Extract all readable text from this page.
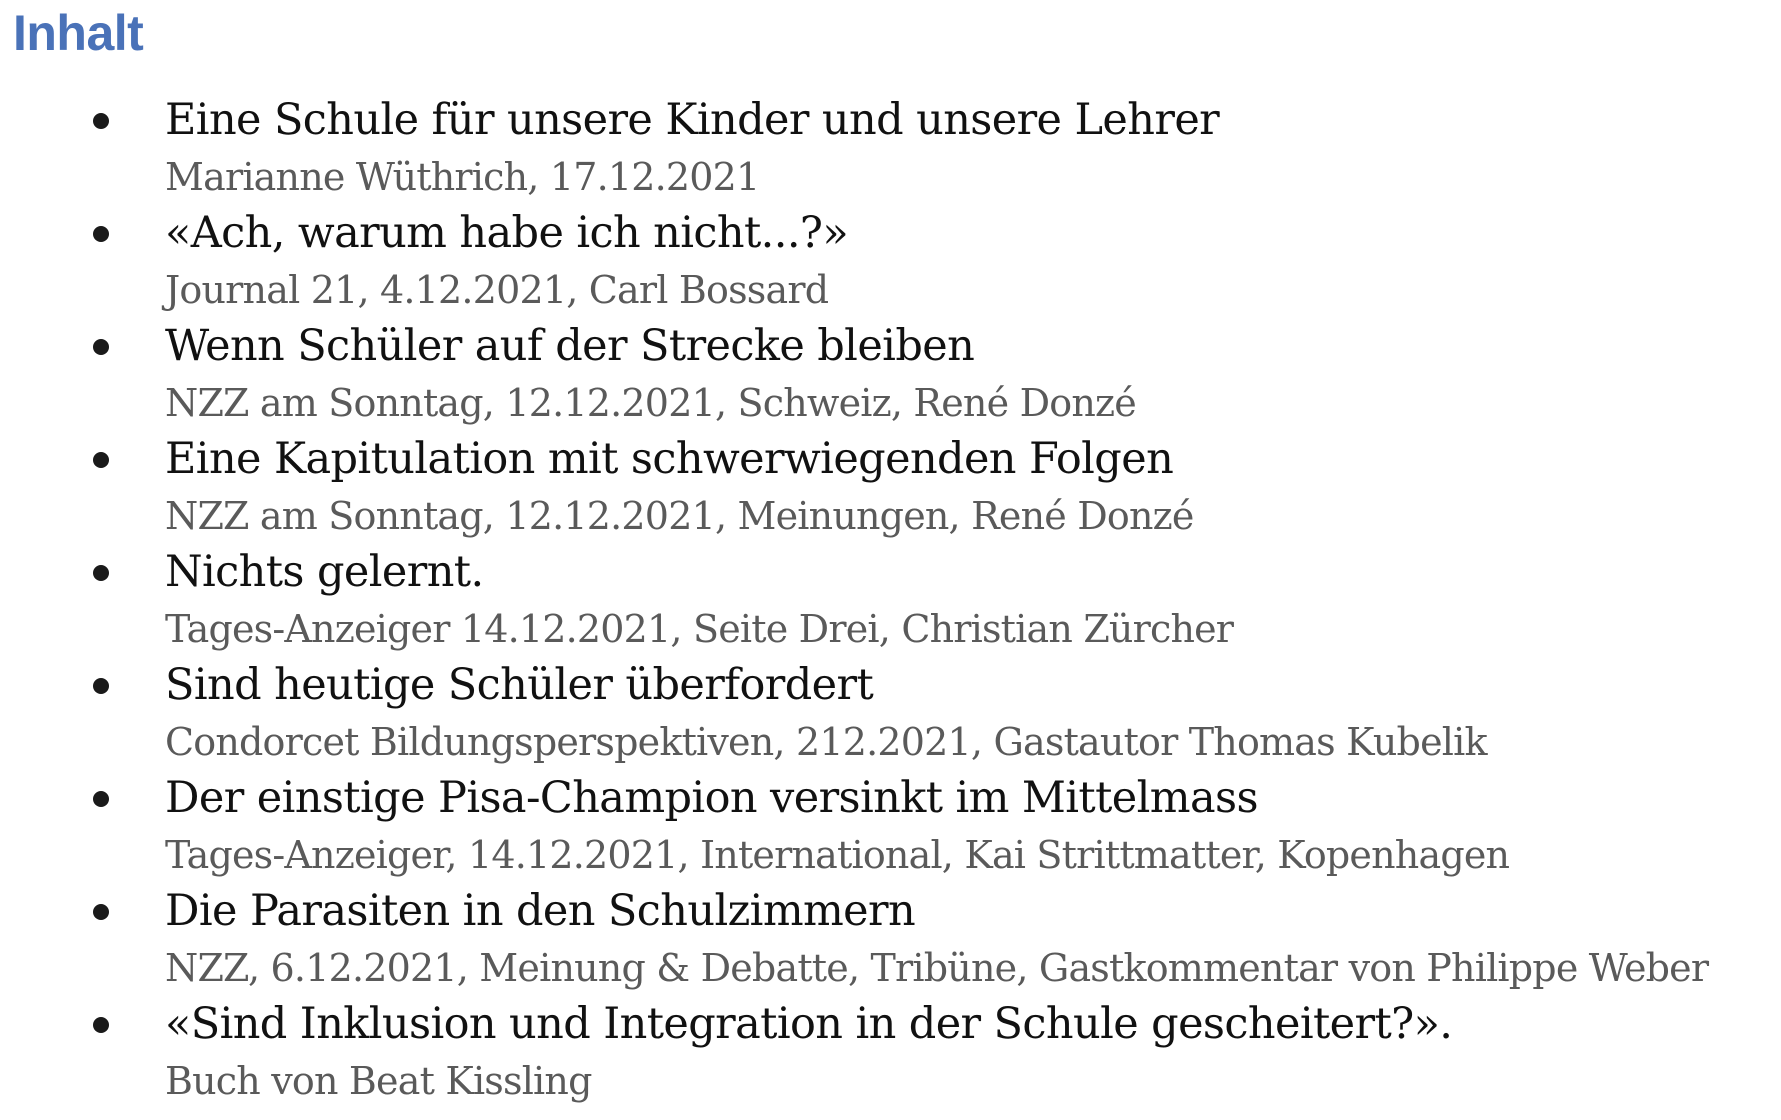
Inhalt
Eine Schule für unsere Kinder und unsere Lehrer
Marianne Wüthrich, 17.12.2021
«Ach, warum habe ich nicht...?»
Journal 21, 4.12.2021, Carl Bossard
Wenn Schüler auf der Strecke bleiben
NZZ am Sonntag, 12.12.2021, Schweiz, René Donzé
Eine Kapitulation mit schwerwiegenden Folgen
NZZ am Sonntag, 12.12.2021, Meinungen, René Donzé
Nichts gelernt.
Tages-Anzeiger 14.12.2021, Seite Drei, Christian Zürcher
Sind heutige Schüler überfordert
Condorcet Bildungsperspektiven, 212.2021, Gastautor Thomas Kubelik
Der einstige Pisa-Champion versinkt im Mittelmass
Tages-Anzeiger, 14.12.2021, International, Kai Strittmatter, Kopenhagen
Die Parasiten in den Schulzimmern
NZZ, 6.12.2021, Meinung & Debatte, Tribüne, Gastkommentar von Philippe Weber
«Sind Inklusion und Integration in der Schule gescheitert?».
Buch von Beat Kissling
